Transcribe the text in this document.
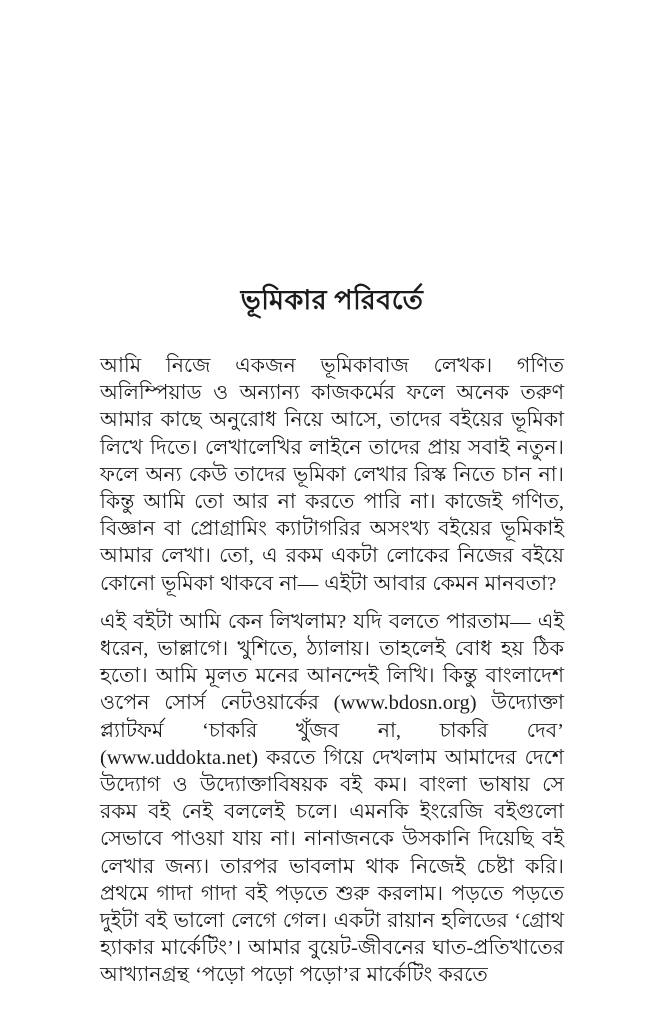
ভূমিকার পরিবর্তে

আমি নিজে একজন ভূমিকাবাজ লেখক। গণিত অলিম্পিয়াড ও অন্যান্য কাজকর্মের ফলে অনেক তরুণ আমার কাছে অনুরোধ নিয়ে আসে, তাদের বইয়ের ভূমিকা লিখে দিতে। লেখালেখির লাইনে তাদের প্রায় সবাই নতুন। ফলে অন্য কেউ তাদের ভূমিকা লেখার রিস্ক নিতে চান না। কিন্তু আমি তো আর না করতে পারি না। কাজেই গণিত, বিজ্ঞান বা প্রোগ্রামিং ক্যাটাগরির অসংখ্য বইয়ের ভূমিকাই আমার লেখা। তো, এ রকম একটা লোকের নিজের বইয়ে কোনো ভূমিকা থাকবে না— এইটা আবার কেমন মানবতা?

এই বইটা আমি কেন লিখলাম? যদি বলতে পারতাম— এই ধরেন, ভাল্লাগে। খুশিতে, ঠ্যালায়। তাহলেই বোধ হয় ঠিক হতো। আমি মূলত মনের আনন্দেই লিখি। কিন্তু বাংলাদেশ ওপেন সোর্স নেটওয়ার্কের (www.bdosn.org) উদ্যোক্তা প্ল্যাটফর্ম ‘চাকরি খুঁজব না, চাকরি দেব’ (www.uddokta.net) করতে গিয়ে দেখলাম আমাদের দেশে উদ্যোগ ও উদ্যোক্তাবিষয়ক বই কম। বাংলা ভাষায় সে রকম বই নেই বললেই চলে। এমনকি ইংরেজি বইগুলো সেভাবে পাওয়া যায় না। নানাজনকে উসকানি দিয়েছি বই লেখার জন্য। তারপর ভাবলাম থাক নিজেই চেষ্টা করি। প্রথমে গাদা গাদা বই পড়তে শুরু করলাম। পড়তে পড়তে দুইটা বই ভালো লেগে গেল। একটা রায়ান হলিডের ‘গ্রোথ হ্যাকার মার্কেটিং’। আমার বুয়েট-জীবনের ঘাত-প্রতিখাতের আখ্যানগ্রন্থ ‘পড়ো পড়ো পড়ো’র মার্কেটিং করতে
